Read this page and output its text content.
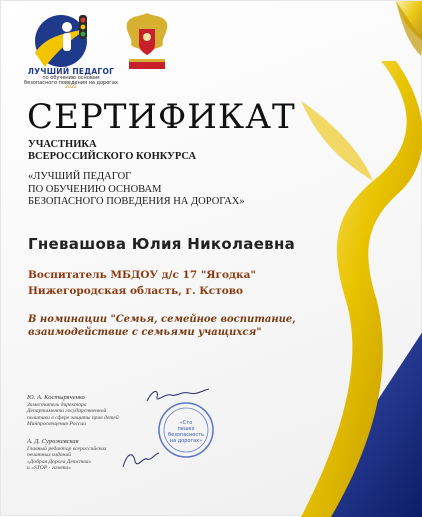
ЛУЧШИЙ ПЕДАГОГ
по обучению основам
безопасного поведения на дорогах
2022
СЕРТИФИКАТ
УЧАСТНИКА
ВСЕРОССИЙСКОГО КОНКУРСА
«ЛУЧШИЙ ПЕДАГОГ
ПО ОБУЧЕНИЮ ОСНОВАМ
БЕЗОПАСНОГО ПОВЕДЕНИЯ НА ДОРОГАХ»
Гневашова Юлия Николаевна
Воспитатель МБДОУ д/с 17 "Ягодка"
Нижегородская область, г. Кстово
В номинации "Семья, семейное воспитание,
взаимодействие с семьями учащихся"
Ю. А. Костыряченко
Заместитель директора
Департамента государственной
политики в сфере защиты прав детей
Минпросвещения России
А. Д. Сурожевская
Главный редактор всероссийских
печатных изданий
«Добрая Дорога Детства»
и «STOP - газета»
«Сто
пешех
безопасность
на дорогах»
